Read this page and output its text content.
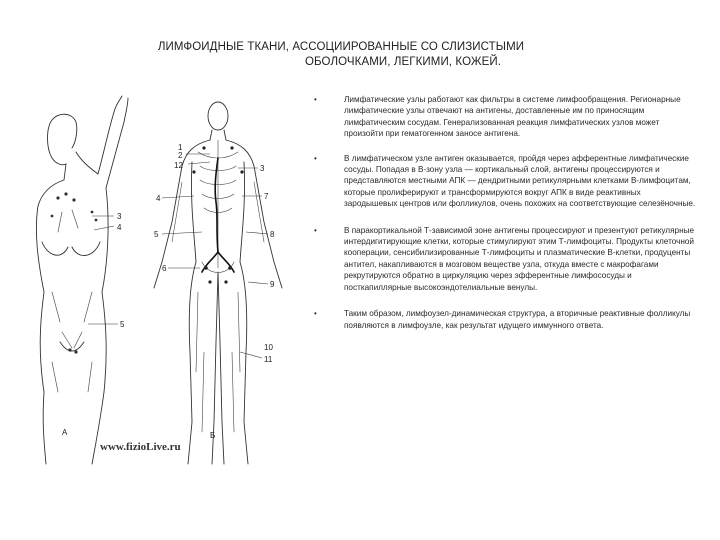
ЛИМФОИДНЫЕ ТКАНИ, АССОЦИИРОВАННЫЕ СО СЛИЗИСТЫМИ
ОБОЛОЧКАМИ, ЛЕГКИМИ, КОЖЕЙ.
3
4
5
А
1
2
12	3
4
5
6
7
8
9
10
11
Б
www.fizioLive.ru
•	Лимфатические узлы работают как фильтры в системе лимфообращения. Регионарные лимфатические узлы отвечают на антигены, доставленные им по приносящим лимфатическим сосудам. Генерализованная реакция лимфатических узлов может произойти при гематогенном заносе антигена.
•	В лимфатическом узле антиген оказывается, пройдя через афферентные лимфатические сосуды. Попадая в В-зону узла — кортикальный слой, антигены процессируются и представляются местными АПК — дендритными ретикулярными клетками В-лимфоцитам, которые пролиферируют и трансформируются вокруг АПК в виде реактивных зародышевых центров или фолликулов, очень похожих на соответствующие селезёночные.
•	В паракортикальной Т-зависимой зоне антигены процессируют и презентуют ретикулярные интердигитирующие клетки, которые стимулируют этим Т-лимфоциты. Продукты клеточной кооперации, сенсибилизированные Т-лимфоциты и плазматические В-клетки, продуценты антител, накапливаются в мозговом веществе узла, откуда вместе с макрофагами рекрутируются обратно в циркуляцию через эфферентные лимфососуды и посткапиллярные высокоэндотелиальные венулы.
•	Таким образом, лимфоузел-динамическая структура, а вторичные реактивные фолликулы появляются в лимфоузле, как результат идущего иммунного ответа.
